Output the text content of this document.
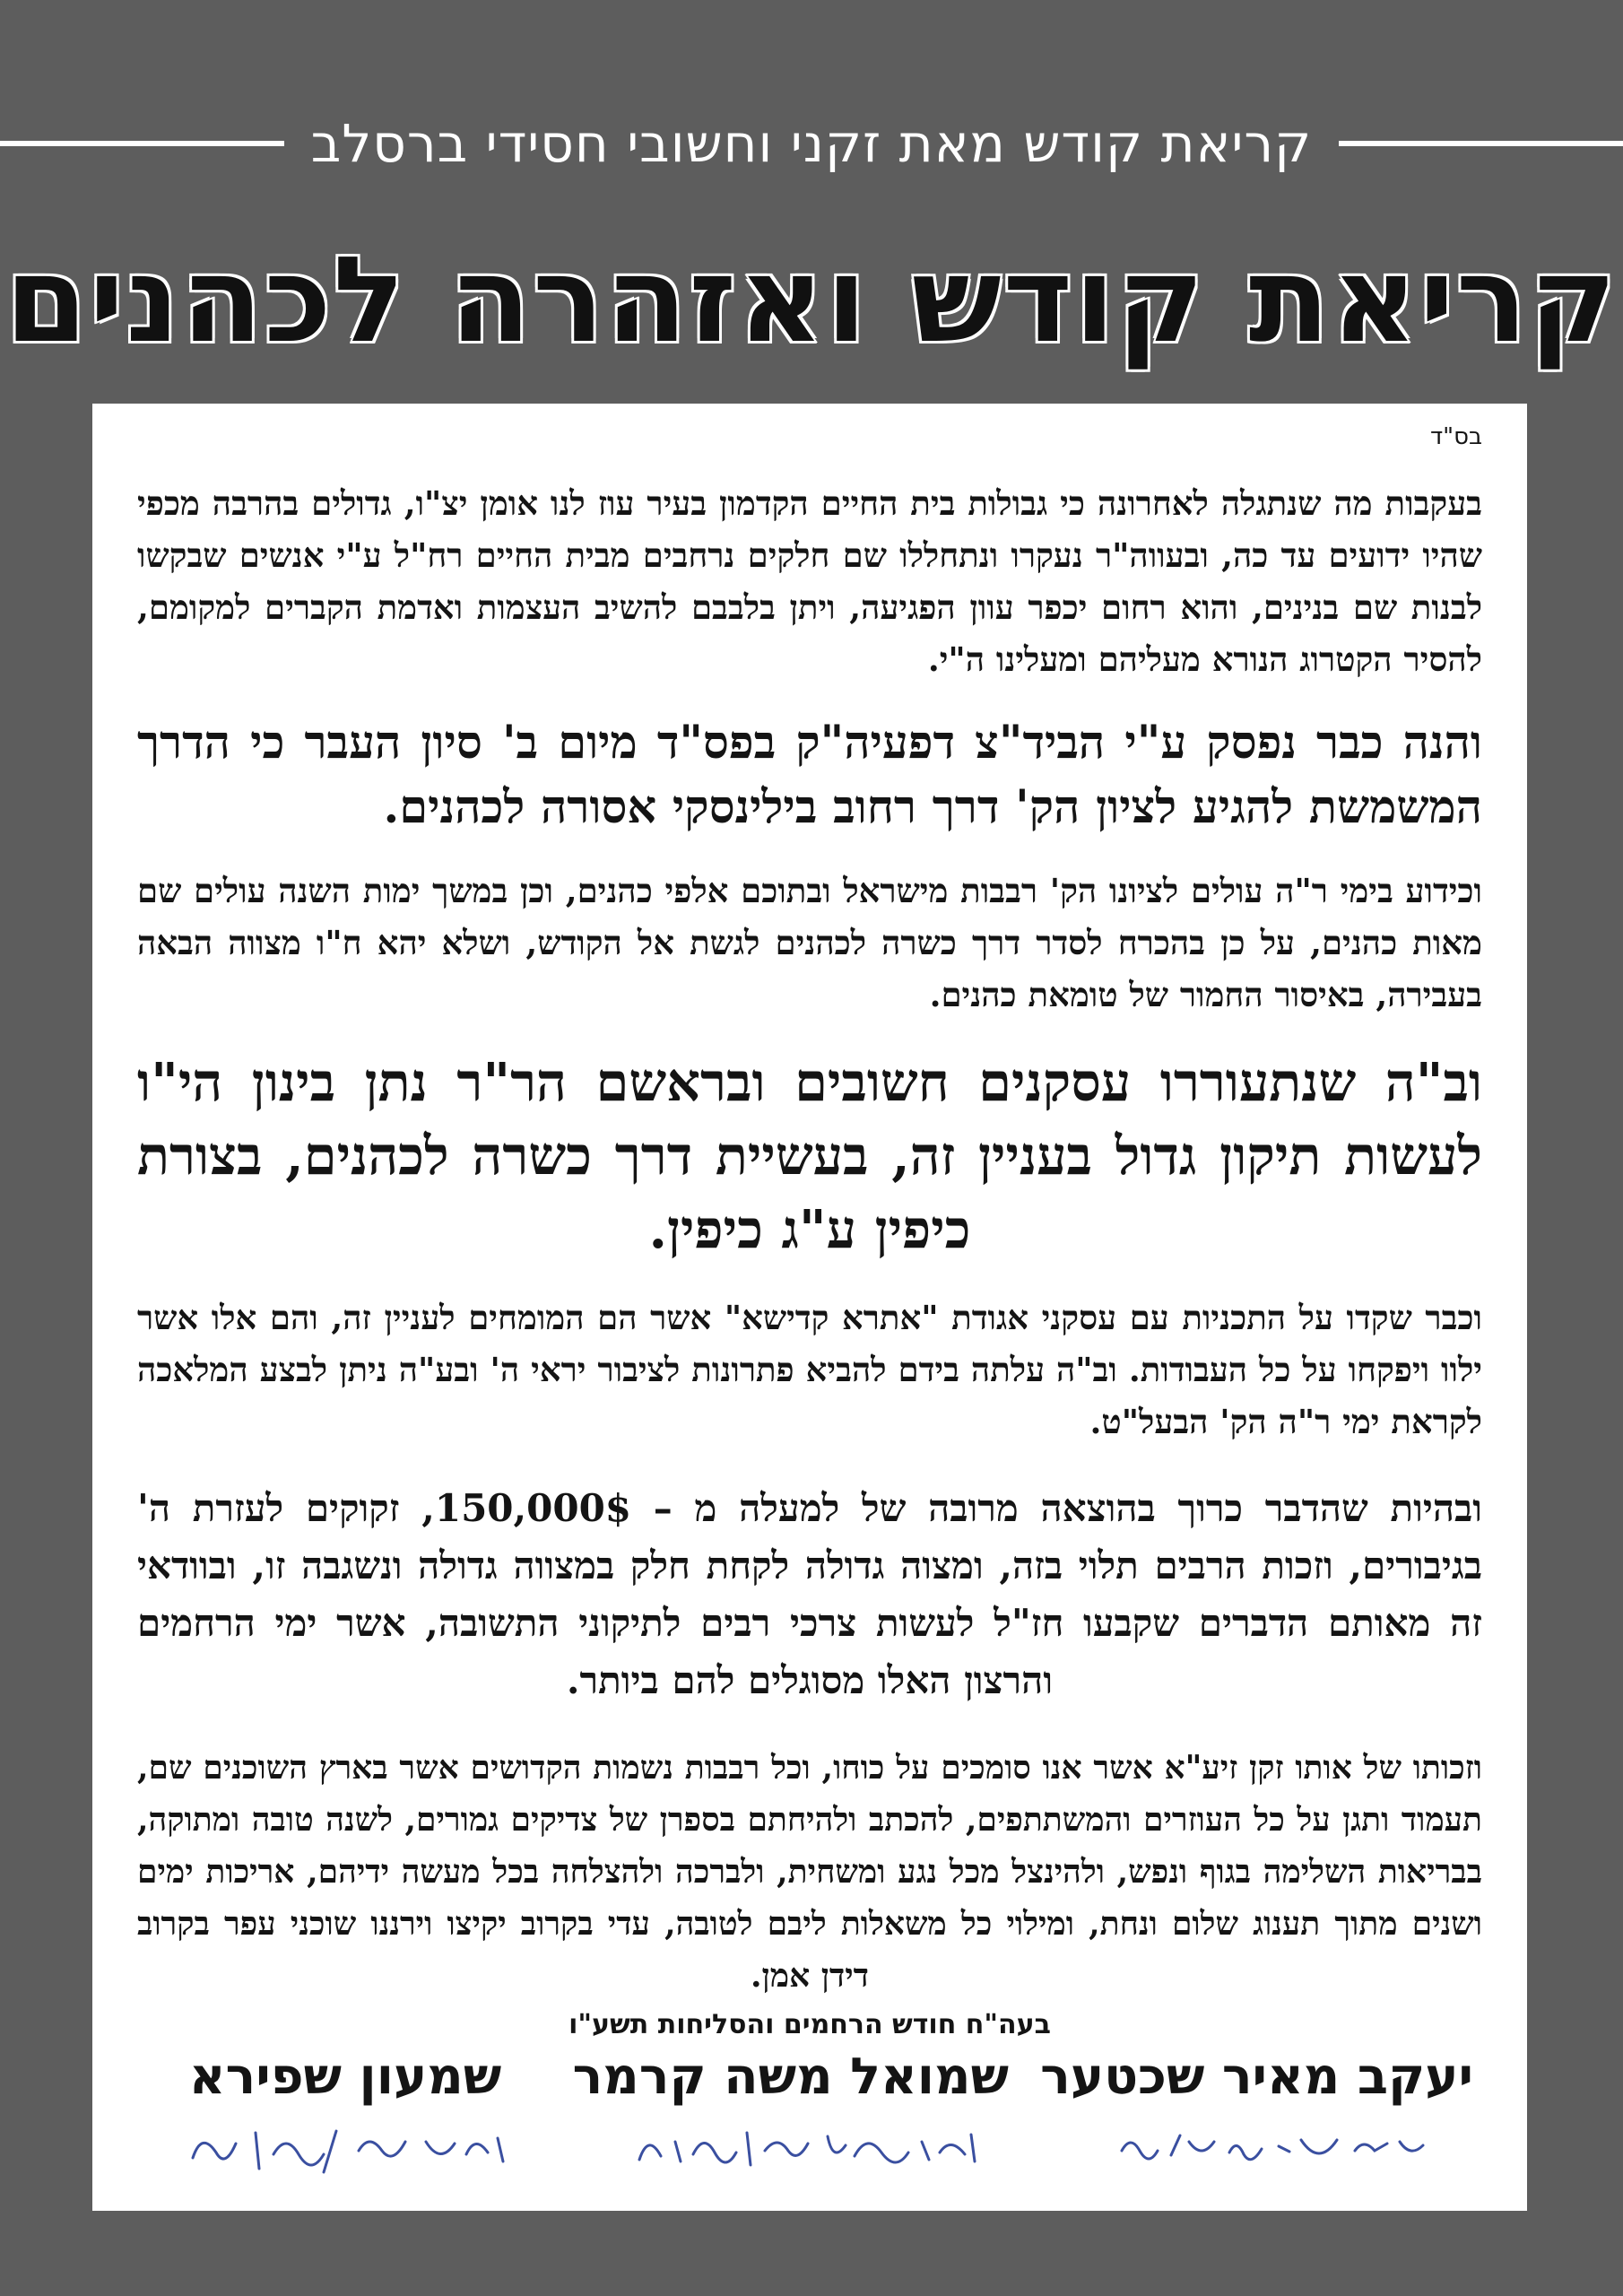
קריאת קודש מאת זקני וחשובי חסידי ברסלב
קריאת קודש ואזהרה לכהנים
בס"ד

בעקבות מה שנתגלה לאחרונה כי גבולות בית החיים הקדמון בעיר עוז לנו אומן יצ"ו, גדולים בהרבה מכפי שהיו ידועים עד כה, ובעווה"ר נעקרו ונתחללו שם חלקים נרחבים מבית החיים רח"ל ע"י אנשים שבקשו לבנות שם בנינים, והוא רחום יכפר עוון הפגיעה, ויתן בלבבם להשיב העצמות ואדמת הקברים למקומם, להסיר הקטרוג הנורא מעליהם ומעלינו ה"י.

והנה כבר נפסק ע"י הביד"צ דפעיה"ק בפס"ד מיום ב' סיון העבר כי הדרך המשמשת להגיע לציון הק' דרך רחוב בילינסקי אסורה לכהנים.

וכידוע בימי ר"ה עולים לציונו הק' רבבות מישראל ובתוכם אלפי כהנים, וכן במשך ימות השנה עולים שם מאות כהנים, על כן בהכרח לסדר דרך כשרה לכהנים לגשת אל הקודש, ושלא יהא ח"ו מצווה הבאה בעבירה, באיסור החמור של טומאת כהנים.

וב"ה שנתעוררו עסקנים חשובים ובראשם הר"ר נתן בינון הי"ו לעשות תיקון גדול בעניין זה, בעשיית דרך כשרה לכהנים, בצורת כיפין ע"ג כיפין.

וכבר שקדו על התכניות עם עסקני אגודת "אתרא קדישא" אשר הם המומחים לעניין זה, והם אלו אשר ילוו ויפקחו על כל העבודות. וב"ה עלתה בידם להביא פתרונות לציבור יראי ה' ובע"ה ניתן לבצע המלאכה לקראת ימי ר"ה הק' הבעל"ט.

ובהיות שהדבר כרוך בהוצאה מרובה של למעלה מ – 150,000$, זקוקים לעזרת ה' בגיבורים, וזכות הרבים תלוי בזה, ומצוה גדולה לקחת חלק במצווה גדולה ונשגבה זו, ובוודאי זה מאותם הדברים שקבעו חז"ל לעשות צרכי רבים לתיקוני התשובה, אשר ימי הרחמים והרצון האלו מסוגלים להם ביותר.

וזכותו של אותו זקן זיע"א אשר אנו סומכים על כוחו, וכל רבבות נשמות הקדושים אשר בארץ השוכנים שם, תעמוד ותגן על כל העוזרים והמשתתפים, להכתב ולהיחתם בספרן של צדיקים גמורים, לשנה טובה ומתוקה, בבריאות השלימה בגוף ונפש, ולהינצל מכל נגע ומשחית, ולברכה ולהצלחה בכל מעשה ידיהם, אריכות ימים ושנים מתוך תענוג שלום ונחת, ומילוי כל משאלות ליבם לטובה, עדי בקרוב יקיצו וירננו שוכני עפר בקרוב דידן אמן.

בעה"ח חודש הרחמים והסליחות תשע"ו
יעקב מאיר שכטער
שמואל משה קרמר
שמעון שפירא
